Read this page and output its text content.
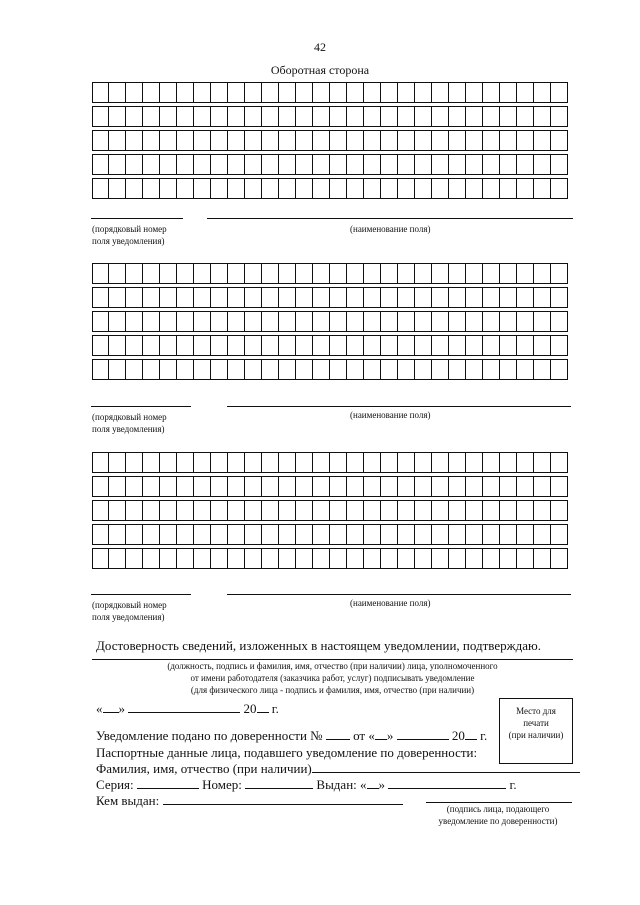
42
Оборотная сторона
(порядковый номер
поля уведомления)
(наименование поля)
(порядковый номер
поля уведомления)
(наименование поля)
(порядковый номер
поля уведомления)
(наименование поля)
Достоверность сведений, изложенных в настоящем уведомлении, подтверждаю.
(должность, подпись и фамилия, имя, отчество (при наличии) лица, уполномоченного
от имени работодателя (заказчика работ, услуг) подписывать уведомление
(для физического лица - подпись и фамилия, имя, отчество (при наличии)
« »	20 г.	Место для
печати
(при наличии)
Уведомление подано по доверенности № от « »	20 г.
Паспортные данные лица, подавшего уведомление по доверенности:
Фамилия, имя, отчество (при наличии)
Серия:	Номер:	Выдан: « »	г.
Кем выдан:
(подпись лица, подающего
уведомление по доверенности)
